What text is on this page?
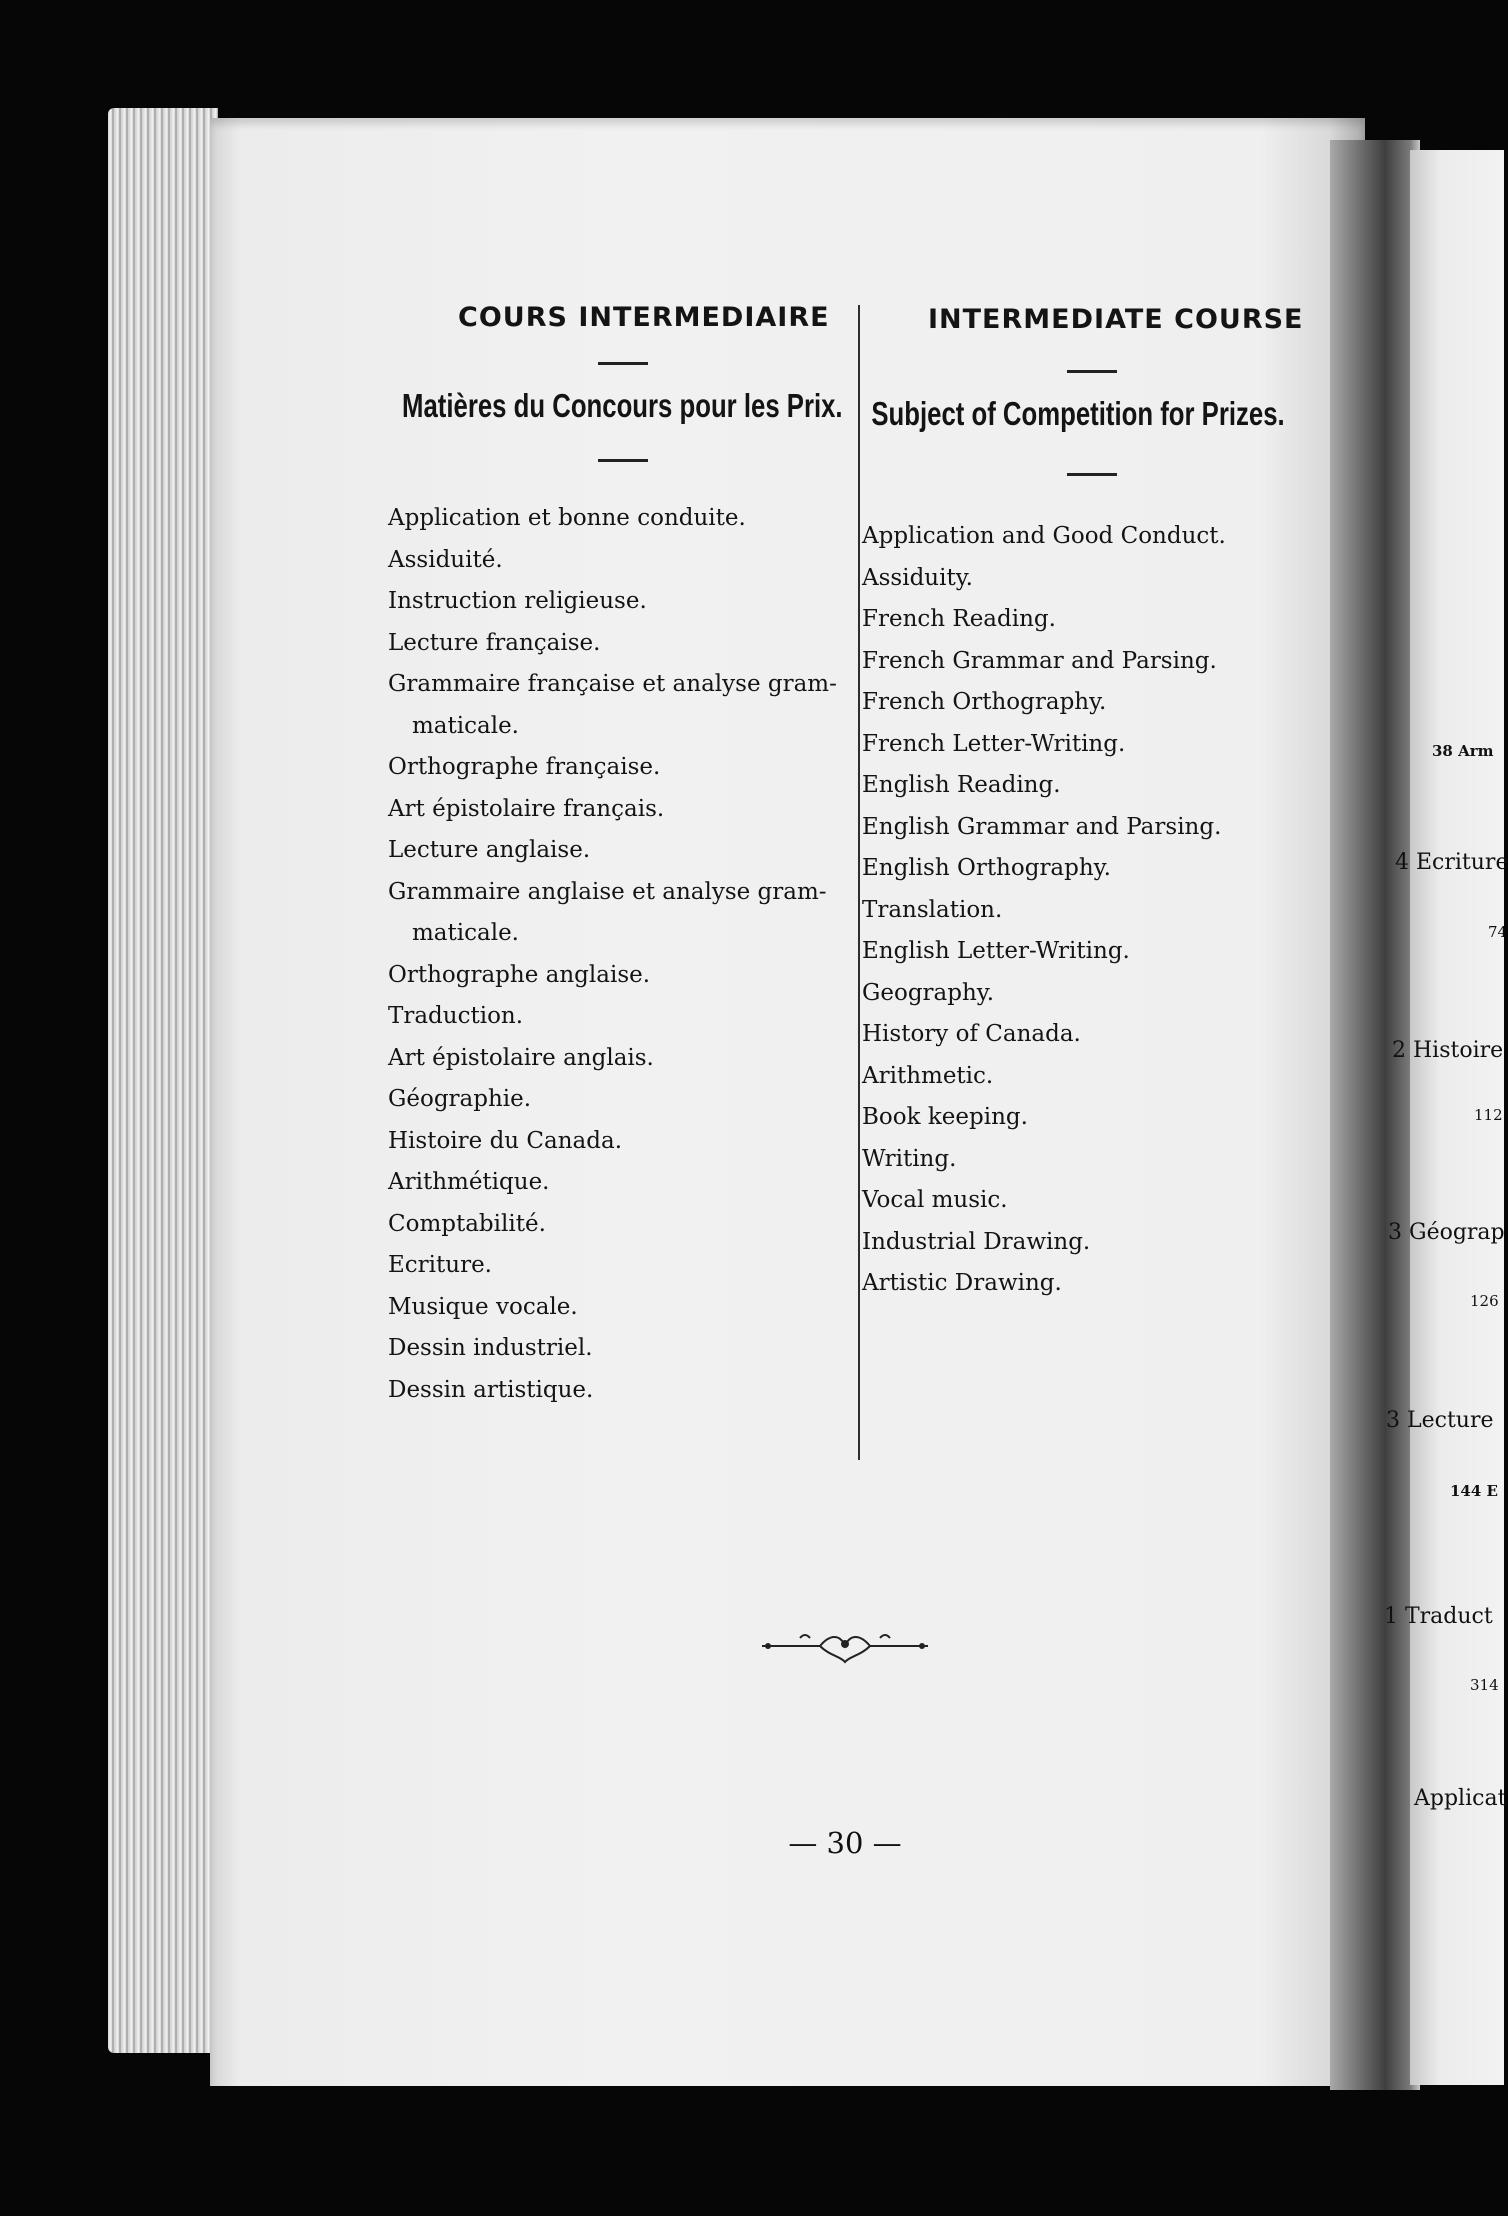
COURS INTERMEDIAIRE
Matières du Concours pour les Prix.
Application et bonne conduite.
Assiduité.
Instruction religieuse.
Lecture française.
Grammaire française et analyse gram-
maticale.
Orthographe française.
Art épistolaire français.
Lecture anglaise.
Grammaire anglaise et analyse gram-
maticale.
Orthographe anglaise.
Traduction.
Art épistolaire anglais.
Géographie.
Histoire du Canada.
Arithmétique.
Comptabilité.
Ecriture.
Musique vocale.
Dessin industriel.
Dessin artistique.
INTERMEDIATE COURSE
Subject of Competition for Prizes.
Application and Good Conduct.
Assiduity.
French Reading.
French Grammar and Parsing.
French Orthography.
French Letter-Writing.
English Reading.
English Grammar and Parsing.
English Orthography.
Translation.
English Letter-Writing.
Geography.
History of Canada.
Arithmetic.
Book keeping.
Writing.
Vocal music.
Industrial Drawing.
Artistic Drawing.
— 30 —
38 Arm
4 Ecriture
74
2 Histoire
112
3 Géograp
126
3 Lecture
144 E
1 Traduct
314
Applicat
